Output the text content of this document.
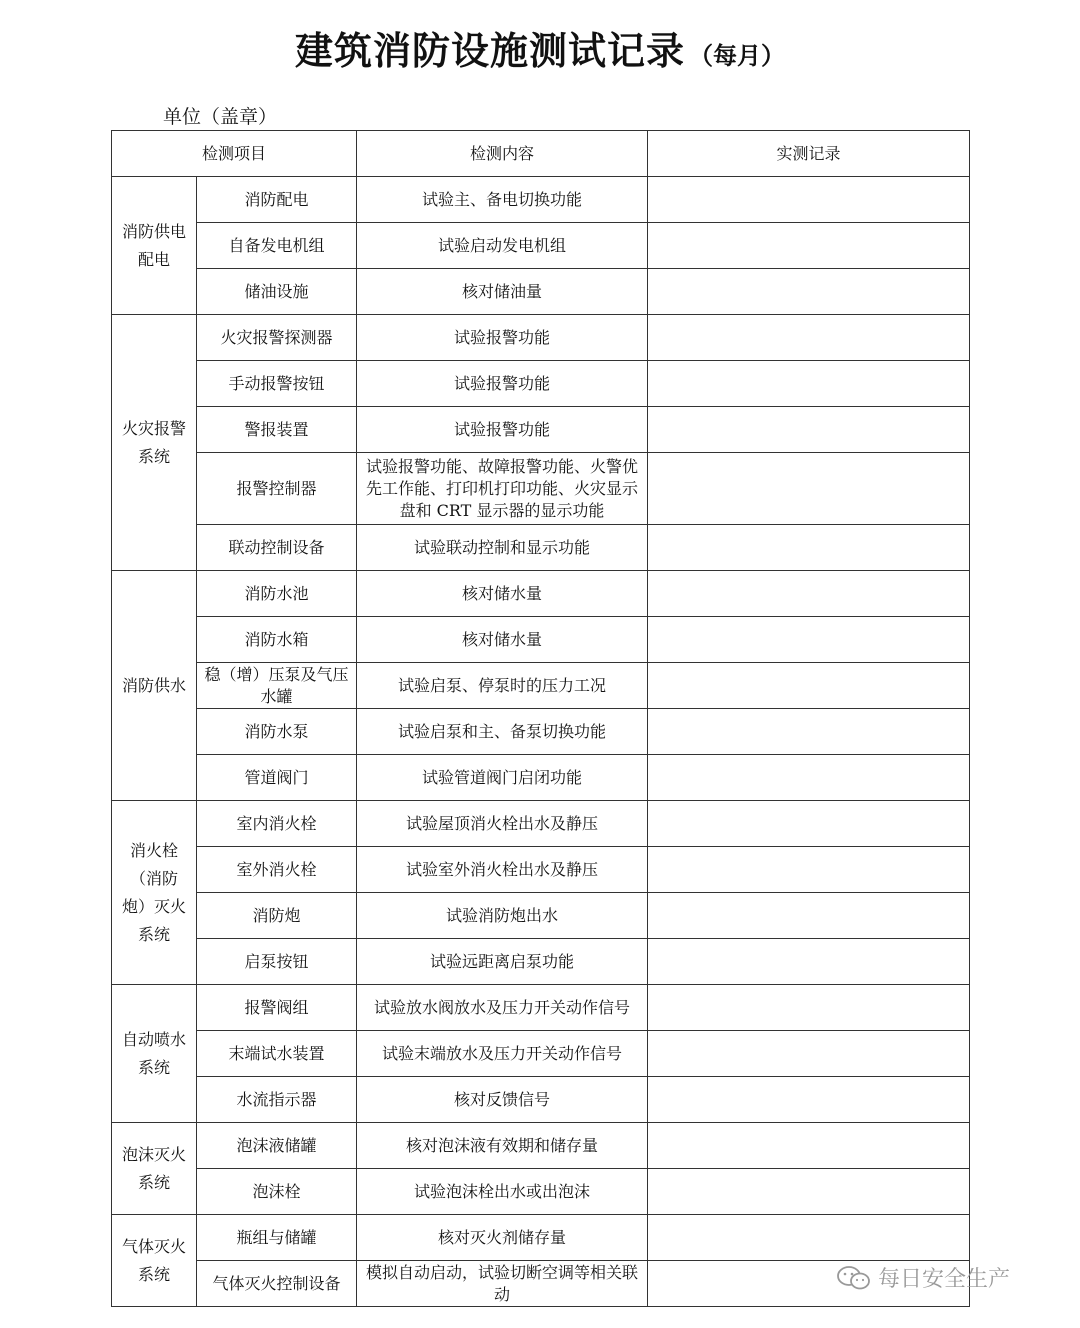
建筑消防设施测试记录 （每月）
单位（盖章）
检测项目		检测内容	实测记录
消防供电 配电	消防配电	试验主、备电切换功能	
	自备发电机组	试验启动发电机组	
	储油设施	核对储油量	
火灾报警系统	火灾报警探测器	试验报警功能	
	手动报警按钮	试验报警功能	
	警报装置	试验报警功能	
	报警控制器	试验报警功能、故障报警功能、火警优先工作能、打印机打印功能、火灾显示盘和 CRT 显示器的显示功能	
	联动控制设备	试验联动控制和显示功能	
消防供水	消防水池	核对储水量	
	消防水箱	核对储水量	
	稳（增）压泵及气压水罐	试验启泵、停泵时的压力工况	
	消防水泵	试验启泵和主、备泵切换功能	
	管道阀门	试验管道阀门启闭功能	
消火栓（消防炮）灭火系统	室内消火栓	试验屋顶消火栓出水及静压	
	室外消火栓	试验室外消火栓出水及静压	
	消防炮	试验消防炮出水	
	启泵按钮	试验远距离启泵功能	
自动喷水系统	报警阀组	试验放水阀放水及压力开关动作信号	
	末端试水装置	试验末端放水及压力开关动作信号	
	水流指示器	核对反馈信号	
泡沫灭火系统	泡沫液储罐	核对泡沫液有效期和储存量	
	泡沫栓	试验泡沫栓出水或出泡沫	
气体灭火系统	瓶组与储罐	核对灭火剂储存量	
	气体灭火控制设备	模拟自动启动，试验切断空调等相关联动	
每日安全生产
